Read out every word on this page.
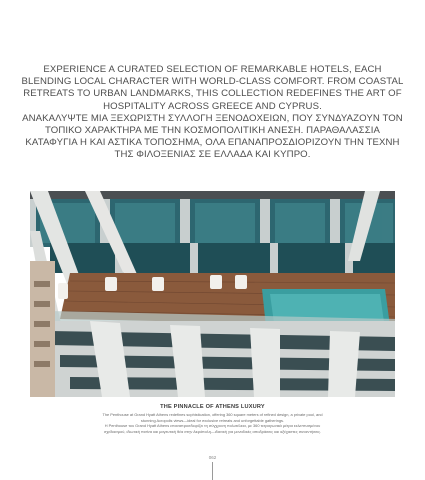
EXPERIENCE A CURATED SELECTION OF REMARKABLE HOTELS, EACH BLENDING LOCAL CHARACTER WITH WORLD-CLASS COMFORT. FROM COASTAL RETREATS TO URBAN LANDMARKS, THIS COLLECTION REDEFINES THE ART OF HOSPITALITY ACROSS GREECE AND CYPRUS.

ΑΝΑΚΑΛΥΨΤΕ ΜΙΑ ΞΕΧΩΡΙΣΤΗ ΣΥΛΛΟΓΗ ΞΕΝΟΔΟΧΕΙΩΝ, ΠΟΥ ΣΥΝΔΥΑΖΟΥΝ ΤΟΝ ΤΟΠΙΚΟ ΧΑΡΑΚΤΗΡΑ ΜΕ ΤΗΝ ΚΟΣΜΟΠΟΛΙΤΙΚΗ ΑΝΕΣΗ. ΠΑΡΑΘΑΛΑΣΣΙΑ ΚΑΤΑΦΥΓΙΑ Η ΚΑΙ ΑΣΤΙΚΑ ΤΟΠΟΣΗΜΑ, ΟΛΑ ΕΠΑΝΑΠΡΟΣΔΙΟΡΙΖΟΥΝ ΤΗΝ ΤΕΧΝΗ ΤΗΣ ΦΙΛΟΞΕΝΙΑΣ ΣΕ ΕΛΛΑΔΑ ΚΑΙ ΚΥΠΡΟ.

THE PINNACLE OF ATHENS LUXURY

The Penthouse at Grand Hyatt Athens redefines sophistication, offering 360 square meters of refined design, a private pool, and stunning Acropolis views—ideal for exclusive retreats and unforgettable gatherings.

Η Penthouse του Grand Hyatt Athens επαναπροσδιορίζει τη σύγχρονη πολυτέλεια, με 360 τετραγωνικά μέτρα εκλεπτυσμένου σχεδιασμού, ιδιωτική πισίνα και μαγευτική θέα στην Ακρόπολη—ιδανική για μοναδικές αποδράσεις και αξέχαστες συναντήσεις.

062
